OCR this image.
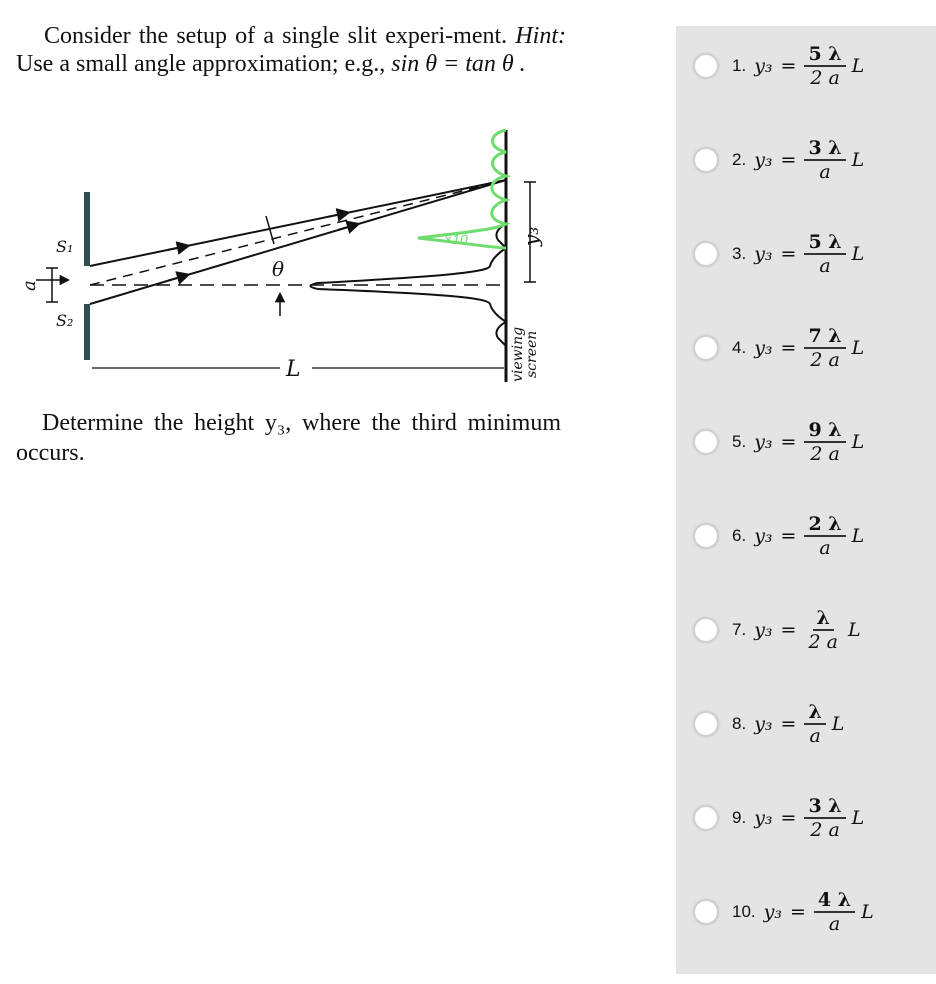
Consider the setup of a single slit experi-ment. Hint: Use a small angle approximation; e.g., sin θ = tan θ .

S₁
S₂
a
θ
L
×10	y₃
viewing
screen

Determine the height y₃, where the third minimum occurs.

1. $y_3 = \frac{5 \lambda}{2 a}$ L
2. $y_3 = \frac{3 \lambda}{a}$ L
3. $y_3 = \frac{5 \lambda}{a}$ L
4. $y_3 = \frac{7 \lambda}{2 a}$ L
5. $y_3 = \frac{9 \lambda}{2 a}$ L
6. $y_3 = \frac{2 \lambda}{a}$ L
7. $y_3 = \frac{\lambda}{2 a}$ L
8. $y_3 = \frac{\lambda}{a}$ L
9. $y_3 = \frac{3 \lambda}{2 a}$ L
10. $y_3 = \frac{4 \lambda}{a}$ L
